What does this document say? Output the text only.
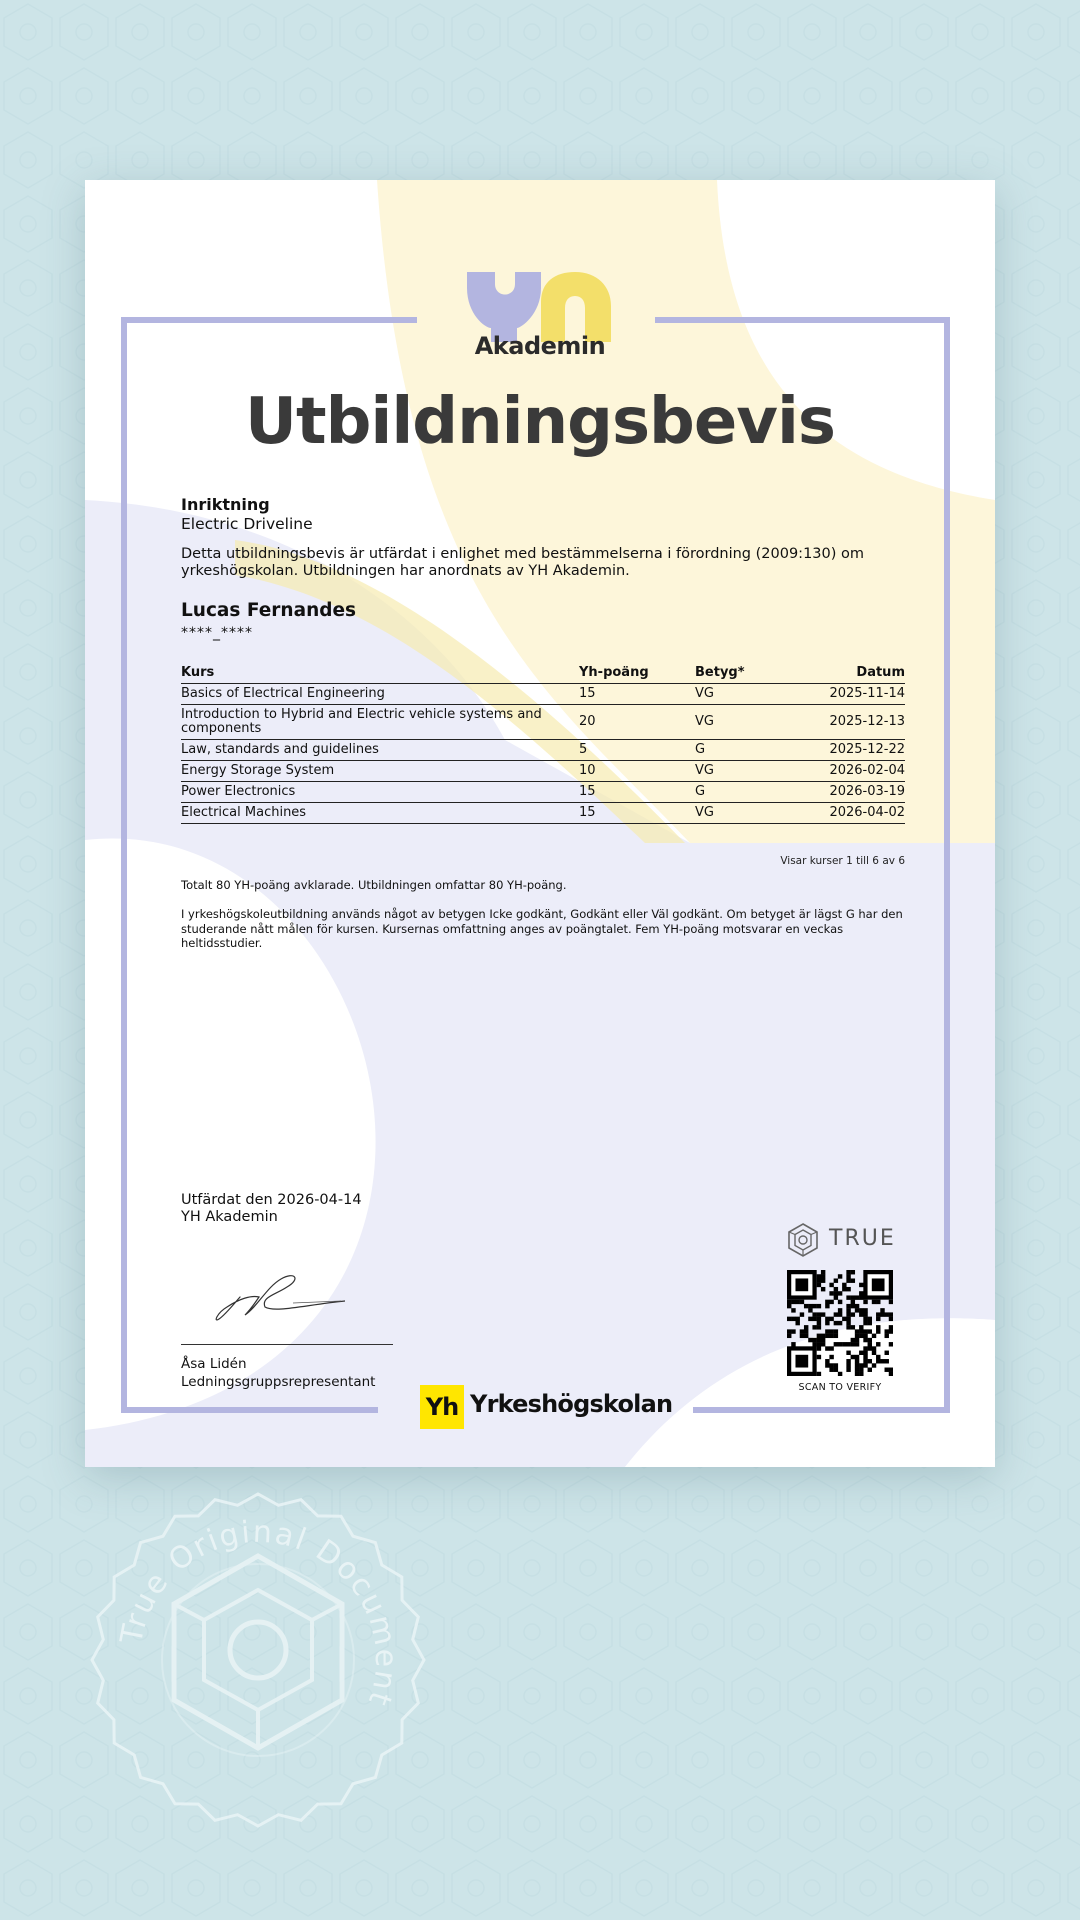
Akademin
Utbildningsbevis
Inriktning
Electric Driveline
Detta utbildningsbevis är utfärdat i enlighet med bestämmelserna i förordning (2009:130) om yrkeshögskolan. Utbildningen har anordnats av YH Akademin.
Lucas Fernandes
****_****
Kurs	Yh-poäng	Betyg*	Datum
Basics of Electrical Engineering	15	VG	2025-11-14
Introduction to Hybrid and Electric vehicle systems and components	20	VG	2025-12-13
Law, standards and guidelines	5	G	2025-12-22
Energy Storage System	10	VG	2026-02-04
Power Electronics	15	G	2026-03-19
Electrical Machines	15	VG	2026-04-02
Visar kurser 1 till 6 av 6
Totalt 80 YH-poäng avklarade. Utbildningen omfattar 80 YH-poäng.
I yrkeshögskoleutbildning används något av betygen Icke godkänt, Godkänt eller Väl godkänt. Om betyget är lägst G har den studerande nått målen för kursen. Kursernas omfattning anges av poängtalet. Fem YH-poäng motsvarar en veckas heltidsstudier.
Utfärdat den 2026-04-14
YH Akademin
Åsa Lidén
Ledningsgruppsrepresentant
Yh Yrkeshögskolan
TRUE
SCAN TO VERIFY
True Original Document
